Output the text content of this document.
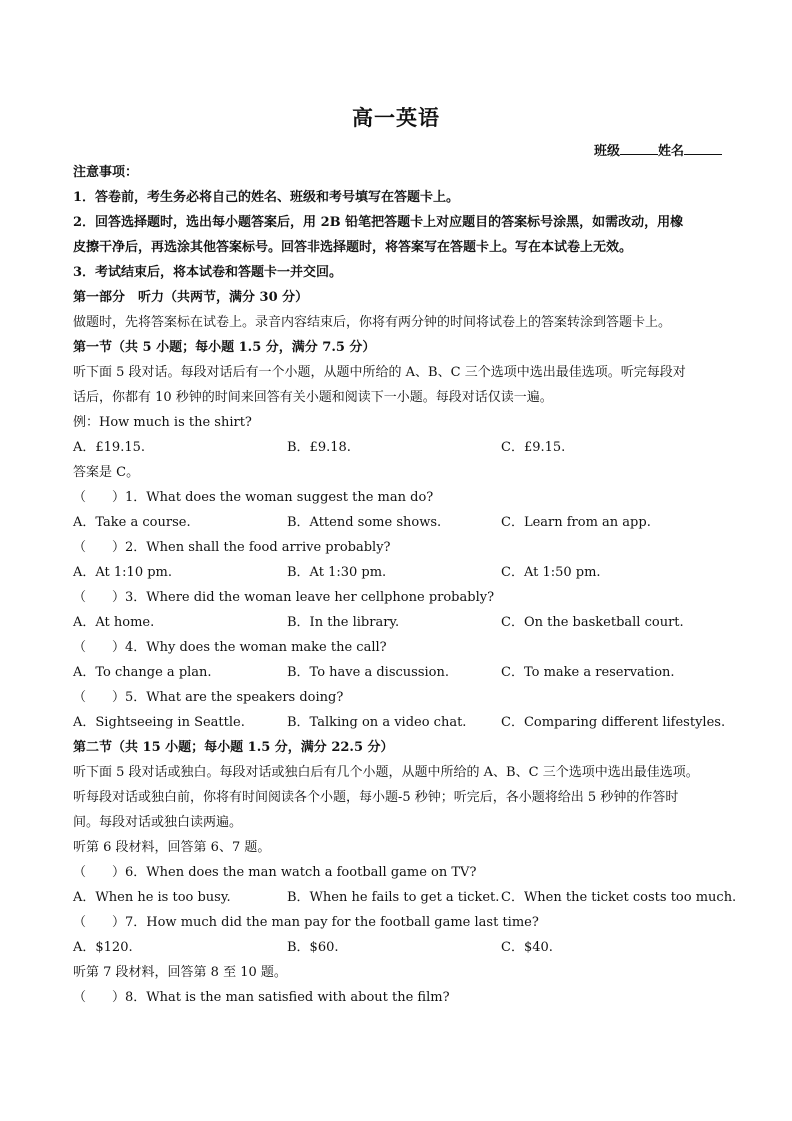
高一英语
班级	姓名
注意事项：
1．答卷前，考生务必将自己的姓名、班级和考号填写在答题卡上。
2．回答选择题时，选出每小题答案后，用 2B 铅笔把答题卡上对应题目的答案标号涂黑，如需改动，用橡
皮擦干净后，再选涂其他答案标号。回答非选择题时，将答案写在答题卡上。写在本试卷上无效。
3．考试结束后，将本试卷和答题卡一并交回。
第一部分　听力（共两节，满分 30 分）
做题时，先将答案标在试卷上。录音内容结束后，你将有两分钟的时间将试卷上的答案转涂到答题卡上。
第一节（共 5 小题；每小题 1.5 分，满分 7.5 分）
听下面 5 段对话。每段对话后有一个小题，从题中所给的 A、B、C 三个选项中选出最佳选项。听完每段对
话后，你都有 10 秒钟的时间来回答有关小题和阅读下一小题。每段对话仅读一遍。
例：How much is the shirt?
A．£19.15.	B．£9.18.	C．£9.15.
答案是 C。
（　　）1．What does the woman suggest the man do?
A．Take a course.	B．Attend some shows.	C．Learn from an app.
（　　）2．When shall the food arrive probably?
A．At 1:10 pm.	B．At 1:30 pm.	C．At 1:50 pm.
（　　）3．Where did the woman leave her cellphone probably?
A．At home.	B．In the library.	C．On the basketball court.
（　　）4．Why does the woman make the call?
A．To change a plan.	B．To have a discussion.	C．To make a reservation.
（　　）5．What are the speakers doing?
A．Sightseeing in Seattle.	B．Talking on a video chat.	C．Comparing different lifestyles.
第二节（共 15 小题；每小题 1.5 分，满分 22.5 分）
听下面 5 段对话或独白。每段对话或独白后有几个小题，从题中所给的 A、B、C 三个选项中选出最佳选项。
听每段对话或独白前，你将有时间阅读各个小题，每小题-5 秒钟；听完后，各小题将给出 5 秒钟的作答时
间。每段对话或独白读两遍。
听第 6 段材料，回答第 6、7 题。
（　　）6．When does the man watch a football game on TV?
A．When he is too busy.	B．When he fails to get a ticket. C．When the ticket costs too much.
（　　）7．How much did the man pay for the football game last time?
A．$120.	B．$60.	C．$40.
听第 7 段材料，回答第 8 至 10 题。
（　　）8．What is the man satisfied with about the film?
